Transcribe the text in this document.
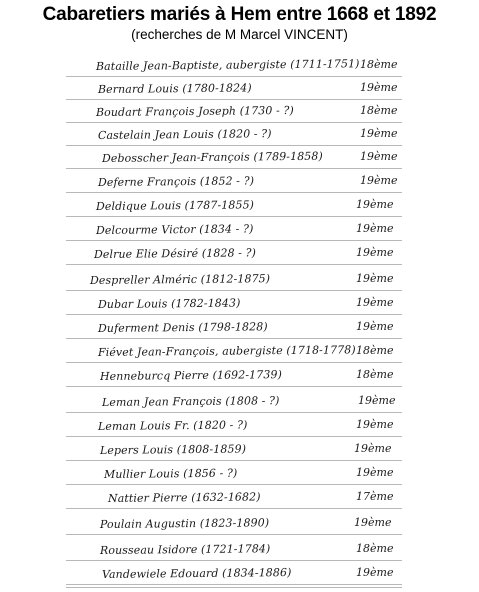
Cabaretiers mariés à Hem entre 1668 et 1892
(recherches de M Marcel VINCENT)
Bataille Jean-Baptiste, aubergiste (1711-1751) 18ème
Bernard Louis (1780-1824)	19ème
Boudart François Joseph (1730 - ?)	18ème
Castelain Jean Louis (1820 - ?)	19ème
Debosscher Jean-François (1789-1858)	19ème
Deferne François (1852 - ?)	19ème
Deldique Louis (1787-1855)	19ème
Delcourme Victor (1834 - ?)	19ème
Delrue Elie Désiré (1828 - ?)	19ème
Despreller Alméric (1812-1875)	19ème
Dubar Louis (1782-1843)	19ème
Duferment Denis (1798-1828)	19ème
Fiévet Jean-François, aubergiste (1718-1778) 18ème
Henneburcq Pierre (1692-1739)	18ème
Leman Jean François (1808 - ?)	19ème
Leman Louis Fr. (1820 - ?)	19ème
Lepers Louis (1808-1859)	19ème
Mullier Louis (1856 - ?)	19ème
Nattier Pierre (1632-1682)	17ème
Poulain Augustin (1823-1890)	19ème
Rousseau Isidore (1721-1784)	18ème
Vandewiele Edouard (1834-1886)	19ème
